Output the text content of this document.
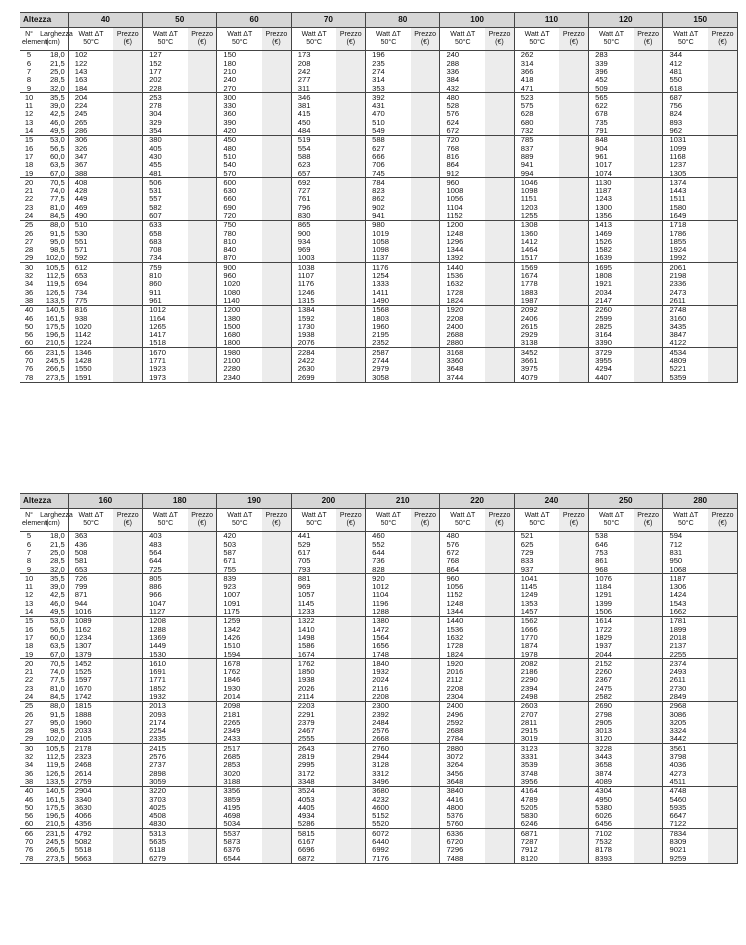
Altezza		40		50		60		70		80		100		110		120		150	
N° elementi	Larghezza (cm)	Watt ΔT 50°C	Prezzo (€)	Watt ΔT 50°C	Prezzo (€)	Watt ΔT 50°C	Prezzo (€)	Watt ΔT 50°C	Prezzo (€)	Watt ΔT 50°C	Prezzo (€)	Watt ΔT 50°C	Prezzo (€)	Watt ΔT 50°C	Prezzo (€)	Watt ΔT 50°C	Prezzo (€)	Watt ΔT 50°C	Prezzo (€)
5	18,0	102		127		150		173		196		240		262		283		344	
6	21,5	122		152		180		208		235		288		314		339		412	
7	25,0	143		177		210		242		274		336		366		396		481	
8	28,5	163		202		240		277		314		384		418		452		550	
9	32,0	184		228		270		311		353		432		471		509		618	
10	35,5	204		253		300		346		392		480		523		565		687	
11	39,0	224		278		330		381		431		528		575		622		756	
12	42,5	245		304		360		415		470		576		628		678		824	
13	46,0	265		329		390		450		510		624		680		735		893	
14	49,5	286		354		420		484		549		672		732		791		962	
15	53,0	306		380		450		519		588		720		785		848		1031	
16	56,5	326		405		480		554		627		768		837		904		1099	
17	60,0	347		430		510		588		666		816		889		961		1168	
18	63,5	367		455		540		623		706		864		941		1017		1237	
19	67,0	388		481		570		657		745		912		994		1074		1305	
20	70,5	408		506		600		692		784		960		1046		1130		1374	
21	74,0	428		531		630		727		823		1008		1098		1187		1443	
22	77,5	449		557		660		761		862		1056		1151		1243		1511	
23	81,0	469		582		690		796		902		1104		1203		1300		1580	
24	84,5	490		607		720		830		941		1152		1255		1356		1649	
25	88,0	510		633		750		865		980		1200		1308		1413		1718	
26	91,5	530		658		780		900		1019		1248		1360		1469		1786	
27	95,0	551		683		810		934		1058		1296		1412		1526		1855	
28	98,5	571		708		840		969		1098		1344		1464		1582		1924	
29	102,0	592		734		870		1003		1137		1392		1517		1639		1992	
30	105,5	612		759		900		1038		1176		1440		1569		1695		2061	
32	112,5	653		810		960		1107		1254		1536		1674		1808		2198	
34	119,5	694		860		1020		1176		1333		1632		1778		1921		2336	
36	126,5	734		911		1080		1246		1411		1728		1883		2034		2473	
38	133,5	775		961		1140		1315		1490		1824		1987		2147		2611	
40	140,5	816		1012		1200		1384		1568		1920		2092		2260		2748	
46	161,5	938		1164		1380		1592		1803		2208		2406		2599		3160	
50	175,5	1020		1265		1500		1730		1960		2400		2615		2825		3435	
56	196,5	1142		1417		1680		1938		2195		2688		2929		3164		3847	
60	210,5	1224		1518		1800		2076		2352		2880		3138		3390		4122	
66	231,5	1346		1670		1980		2284		2587		3168		3452		3729		4534	
70	245,5	1428		1771		2100		2422		2744		3360		3661		3955		4809	
76	266,5	1550		1923		2280		2630		2979		3648		3975		4294		5221	
78	273,5	1591		1973		2340		2699		3058		3744		4079		4407		5359	
Altezza		160		180		190		200		210		220		240		250		280	
N° elementi	Larghezza (cm)	Watt ΔT 50°C	Prezzo (€)	Watt ΔT 50°C	Prezzo (€)	Watt ΔT 50°C	Prezzo (€)	Watt ΔT 50°C	Prezzo (€)	Watt ΔT 50°C	Prezzo (€)	Watt ΔT 50°C	Prezzo (€)	Watt ΔT 50°C	Prezzo (€)	Watt ΔT 50°C	Prezzo (€)	Watt ΔT 50°C	Prezzo (€)
5	18,0	363		403		420		441		460		480		521		538		594	
6	21,5	436		483		503		529		552		576		625		646		712	
7	25,0	508		564		587		617		644		672		729		753		831	
8	28,5	581		644		671		705		736		768		833		861		950	
9	32,0	653		725		755		793		828		864		937		968		1068	
10	35,5	726		805		839		881		920		960		1041		1076		1187	
11	39,0	799		886		923		969		1012		1056		1145		1184		1306	
12	42,5	871		966		1007		1057		1104		1152		1249		1291		1424	
13	46,0	944		1047		1091		1145		1196		1248		1353		1399		1543	
14	49,5	1016		1127		1175		1233		1288		1344		1457		1506		1662	
15	53,0	1089		1208		1259		1322		1380		1440		1562		1614		1781	
16	56,5	1162		1288		1342		1410		1472		1536		1666		1722		1899	
17	60,0	1234		1369		1426		1498		1564		1632		1770		1829		2018	
18	63,5	1307		1449		1510		1586		1656		1728		1874		1937		2137	
19	67,0	1379		1530		1594		1674		1748		1824		1978		2044		2255	
20	70,5	1452		1610		1678		1762		1840		1920		2082		2152		2374	
21	74,0	1525		1691		1762		1850		1932		2016		2186		2260		2493	
22	77,5	1597		1771		1846		1938		2024		2112		2290		2367		2611	
23	81,0	1670		1852		1930		2026		2116		2208		2394		2475		2730	
24	84,5	1742		1932		2014		2114		2208		2304		2498		2582		2849	
25	88,0	1815		2013		2098		2203		2300		2400		2603		2690		2968	
26	91,5	1888		2093		2181		2291		2392		2496		2707		2798		3086	
27	95,0	1960		2174		2265		2379		2484		2592		2811		2905		3205	
28	98,5	2033		2254		2349		2467		2576		2688		2915		3013		3324	
29	102,0	2105		2335		2433		2555		2668		2784		3019		3120		3442	
30	105,5	2178		2415		2517		2643		2760		2880		3123		3228		3561	
32	112,5	2323		2576		2685		2819		2944		3072		3331		3443		3798	
34	119,5	2468		2737		2853		2995		3128		3264		3539		3658		4036	
36	126,5	2614		2898		3020		3172		3312		3456		3748		3874		4273	
38	133,5	2759		3059		3188		3348		3496		3648		3956		4089		4511	
40	140,5	2904		3220		3356		3524		3680		3840		4164		4304		4748	
46	161,5	3340		3703		3859		4053		4232		4416		4789		4950		5460	
50	175,5	3630		4025		4195		4405		4600		4800		5205		5380		5935	
56	196,5	4066		4508		4698		4934		5152		5376		5830		6026		6647	
60	210,5	4356		4830		5034		5286		5520		5760		6246		6456		7122	
66	231,5	4792		5313		5537		5815		6072		6336		6871		7102		7834	
70	245,5	5082		5635		5873		6167		6440		6720		7287		7532		8309	
76	266,5	5518		6118		6376		6696		6992		7296		7912		8178		9021	
78	273,5	5663		6279		6544		6872		7176		7488		8120		8393		9259	
